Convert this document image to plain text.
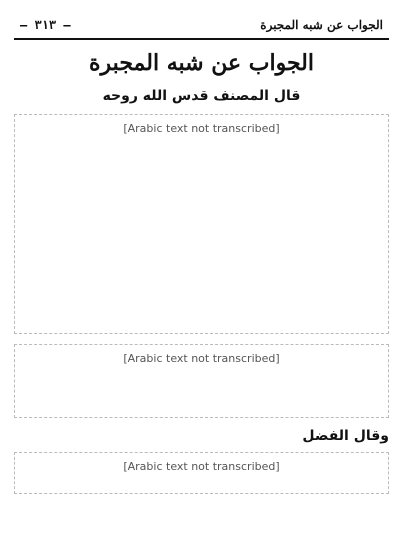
الجواب عن شبه المجبرة
– ٣١٣ –
الجواب عن شبه المجبرة
قال المصنف قدس الله روحه
[Arabic text not transcribed]
[Arabic text not transcribed]
وقال الفضل
[Arabic text not transcribed]
